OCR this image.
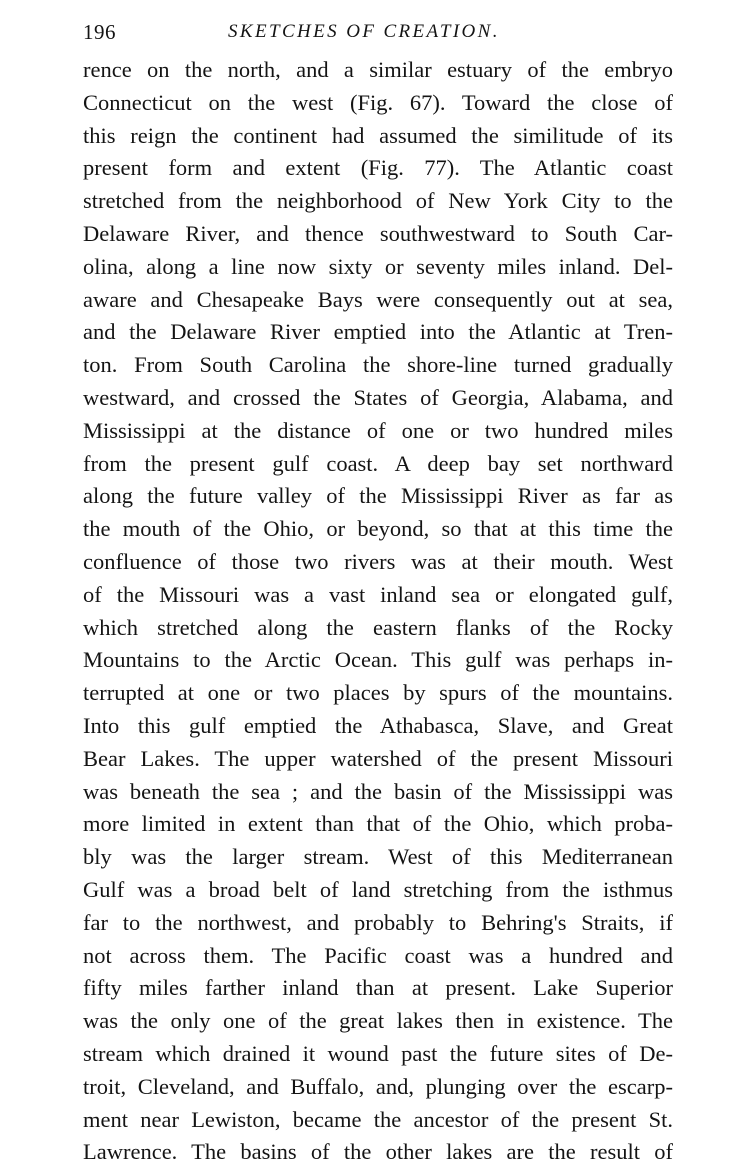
196	SKETCHES OF CREATION.
rence on the north, and a similar estuary of the embryo
Connecticut on the west (Fig. 67). Toward the close of
this reign the continent had assumed the similitude of its
present form and extent (Fig. 77). The Atlantic coast
stretched from the neighborhood of New York City to the
Delaware River, and thence southwestward to South Car-
olina, along a line now sixty or seventy miles inland. Del-
aware and Chesapeake Bays were consequently out at sea,
and the Delaware River emptied into the Atlantic at Tren-
ton. From South Carolina the shore-line turned gradually
westward, and crossed the States of Georgia, Alabama, and
Mississippi at the distance of one or two hundred miles
from the present gulf coast. A deep bay set northward
along the future valley of the Mississippi River as far as
the mouth of the Ohio, or beyond, so that at this time the
confluence of those two rivers was at their mouth. West
of the Missouri was a vast inland sea or elongated gulf,
which stretched along the eastern flanks of the Rocky
Mountains to the Arctic Ocean. This gulf was perhaps in-
terrupted at one or two places by spurs of the mountains.
Into this gulf emptied the Athabasca, Slave, and Great
Bear Lakes. The upper watershed of the present Missouri
was beneath the sea ; and the basin of the Mississippi was
more limited in extent than that of the Ohio, which proba-
bly was the larger stream. West of this Mediterranean
Gulf was a broad belt of land stretching from the isthmus
far to the northwest, and probably to Behring's Straits, if
not across them. The Pacific coast was a hundred and
fifty miles farther inland than at present. Lake Superior
was the only one of the great lakes then in existence. The
stream which drained it wound past the future sites of De-
troit, Cleveland, and Buffalo, and, plunging over the escarp-
ment near Lewiston, became the ancestor of the present St.
Lawrence. The basins of the other lakes are the result of
